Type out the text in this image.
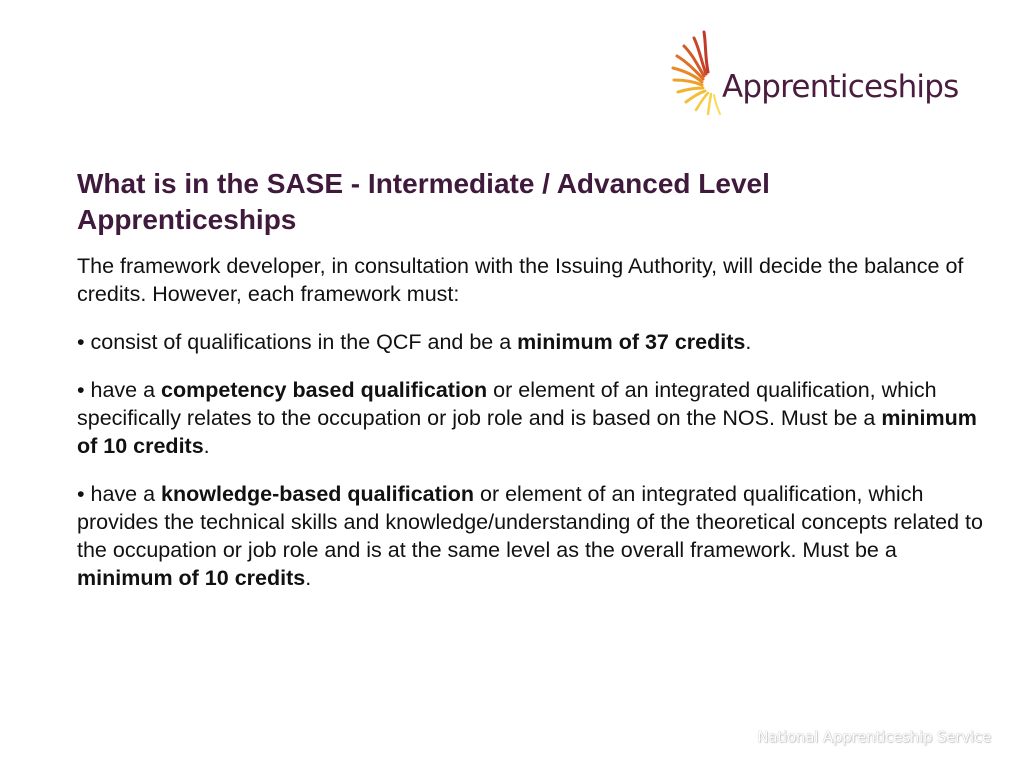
Apprenticeships
What is in the SASE - Intermediate / Advanced Level Apprenticeships

The framework developer, in consultation with the Issuing Authority, will decide the balance of credits. However, each framework must:

• consist of qualifications in the QCF and be a minimum of 37 credits.

• have a competency based qualification or element of an integrated qualification, which specifically relates to the occupation or job role and is based on the NOS. Must be a minimum of 10 credits.

• have a knowledge-based qualification or element of an integrated qualification, which provides the technical skills and knowledge/understanding of the theoretical concepts related to the occupation or job role and is at the same level as the overall framework. Must be a minimum of 10 credits.

National Apprenticeship Service
